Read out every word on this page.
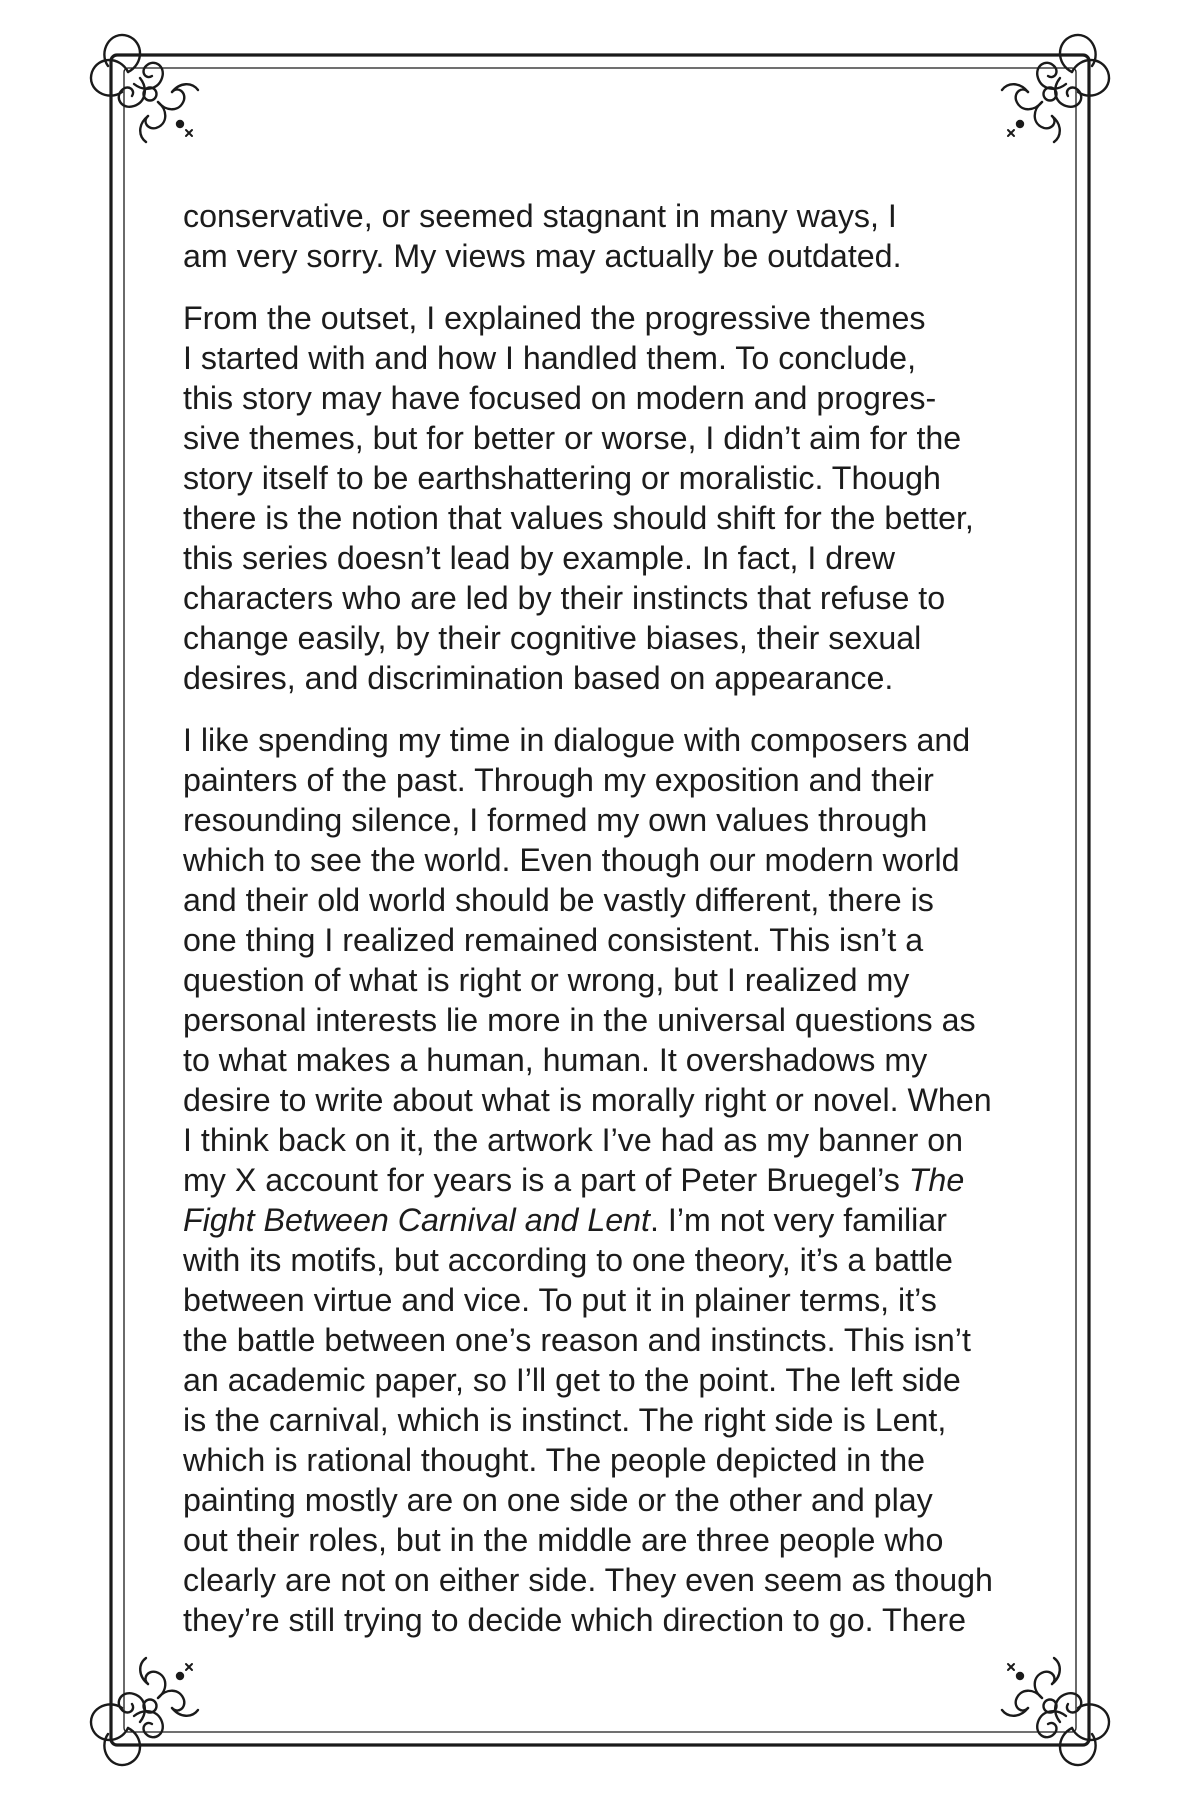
conservative, or seemed stagnant in many ways, I
am very sorry. My views may actually be outdated.

From the outset, I explained the progressive themes
I started with and how I handled them. To conclude,
this story may have focused on modern and progres-
sive themes, but for better or worse, I didn’t aim for the
story itself to be earthshattering or moralistic. Though
there is the notion that values should shift for the better,
this series doesn’t lead by example. In fact, I drew
characters who are led by their instincts that refuse to
change easily, by their cognitive biases, their sexual
desires, and discrimination based on appearance.

I like spending my time in dialogue with composers and
painters of the past. Through my exposition and their
resounding silence, I formed my own values through
which to see the world. Even though our modern world
and their old world should be vastly different, there is
one thing I realized remained consistent. This isn’t a
question of what is right or wrong, but I realized my
personal interests lie more in the universal questions as
to what makes a human, human. It overshadows my
desire to write about what is morally right or novel. When
I think back on it, the artwork I’ve had as my banner on
my X account for years is a part of Peter Bruegel’s The
Fight Between Carnival and Lent. I’m not very familiar
with its motifs, but according to one theory, it’s a battle
between virtue and vice. To put it in plainer terms, it’s
the battle between one’s reason and instincts. This isn’t
an academic paper, so I’ll get to the point. The left side
is the carnival, which is instinct. The right side is Lent,
which is rational thought. The people depicted in the
painting mostly are on one side or the other and play
out their roles, but in the middle are three people who
clearly are not on either side. They even seem as though
they’re still trying to decide which direction to go. There
